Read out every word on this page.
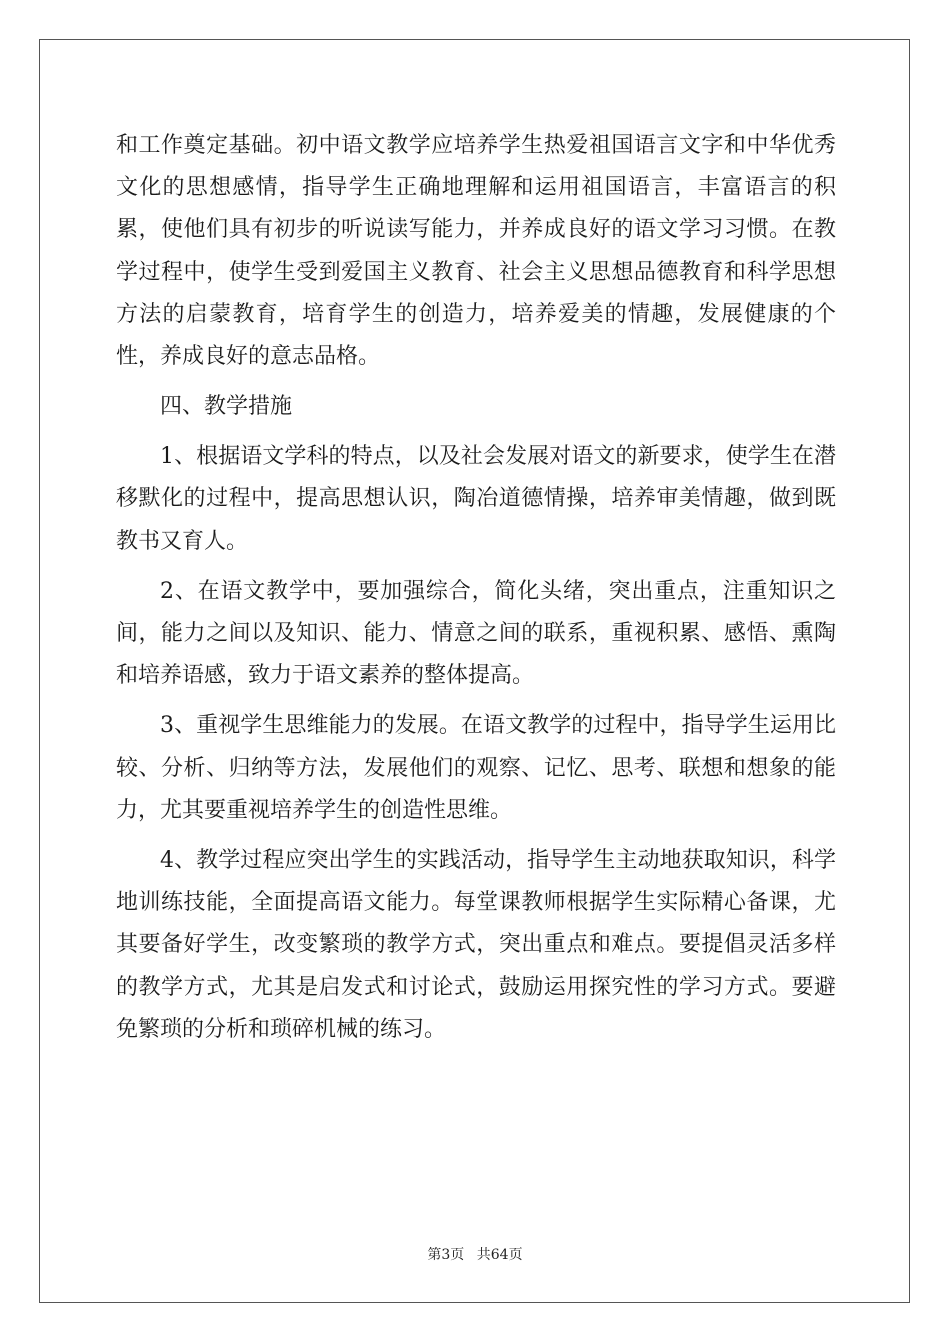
和工作奠定基础。初中语文教学应培养学生热爱祖国语言文字和中华优秀文化的思想感情，指导学生正确地理解和运用祖国语言，丰富语言的积累，使他们具有初步的听说读写能力，并养成良好的语文学习习惯。在教学过程中，使学生受到爱国主义教育、社会主义思想品德教育和科学思想方法的启蒙教育，培育学生的创造力，培养爱美的情趣，发展健康的个性，养成良好的意志品格。

四、教学措施

1、根据语文学科的特点，以及社会发展对语文的新要求，使学生在潜移默化的过程中，提高思想认识，陶冶道德情操，培养审美情趣，做到既教书又育人。

2、在语文教学中，要加强综合，简化头绪，突出重点，注重知识之间，能力之间以及知识、能力、情意之间的联系，重视积累、感悟、熏陶和培养语感，致力于语文素养的整体提高。

3、重视学生思维能力的发展。在语文教学的过程中，指导学生运用比较、分析、归纳等方法，发展他们的观察、记忆、思考、联想和想象的能力，尤其要重视培养学生的创造性思维。

4、教学过程应突出学生的实践活动，指导学生主动地获取知识，科学地训练技能，全面提高语文能力。每堂课教师根据学生实际精心备课，尤其要备好学生，改变繁琐的教学方式，突出重点和难点。要提倡灵活多样的教学方式，尤其是启发式和讨论式，鼓励运用探究性的学习方式。要避免繁琐的分析和琐碎机械的练习。

第3页 共64页
